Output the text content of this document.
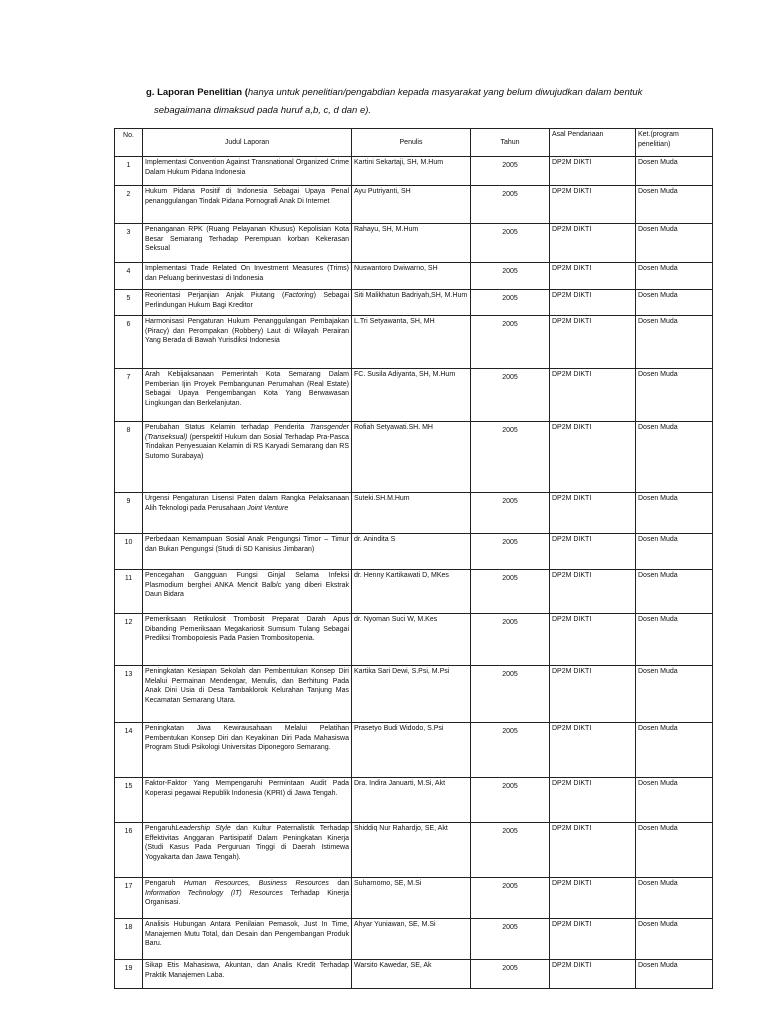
g. Laporan Penelitian (hanya untuk penelitian/pengabdian kepada masyarakat yang belum diwujudkan dalam bentuk
sebagaimana dimaksud pada huruf a,b, c, d dan e).
No.	Judul Laporan	Penulis	Tahun	Asal Pendanaan	Ket.(program penelitian)
1	Implementasi Convention Against Transnational Organized Crime Dalam Hukum Pidana Indonesia	Kartini Sekartaji, SH, M.Hum	2005	DP2M DIKTI	Dosen Muda
2	Hukum Pidana Positif di Indonesia Sebagai Upaya Penal penanggulangan Tindak Pidana Pornografi Anak Di Internet	Ayu Putriyanti, SH	2005	DP2M DIKTI	Dosen Muda
3	Penanganan RPK (Ruang Pelayanan Khusus) Kepolisian Kota Besar Semarang Terhadap Perempuan korban Kekerasan Seksual	Rahayu, SH, M.Hum	2005	DP2M DIKTI	Dosen Muda
4	Implementasi Trade Related On Investment Measures (Trims) dan Peluang berinvestasi di Indonesia	Nuswantoro Dwiwarno, SH	2005	DP2M DIKTI	Dosen Muda
5	Reorientasi Perjanjian Anjak Piutang (Factoring) Sebagai Perlindungan Hukum Bagi Kreditor	Siti Malikhatun Badriyah,SH, M.Hum	2005	DP2M DIKTI	Dosen Muda
6	Harmonisasi Pengaturan Hukum Penanggulangan Pembajakan (Piracy) dan Perompakan (Robbery) Laut di Wilayah Perairan Yang Berada di Bawah Yurisdiksi Indonesia	L.Tri Setyawanta, SH, MH	2005	DP2M DIKTI	Dosen Muda
7	Arah Kebijaksanaan Pemerintah Kota Semarang Dalam Pemberian Ijin Proyek Pembangunan Perumahan (Real Estate) Sebagai Upaya Pengembangan Kota Yang Berwawasan Lingkungan dan Berkelanjutan.	FC. Susila Adiyanta, SH, M.Hum	2005	DP2M DIKTI	Dosen Muda
8	Perubahan Status Kelamin terhadap Penderita Transgender (Transeksual) (perspektif Hukum dan Sosial Terhadap Pra-Pasca Tindakan Penyesuaian Kelamin di RS Karyadi Semarang dan RS Sutomo Surabaya)	Rofiah Setyawati.SH. MH	2005	DP2M DIKTI	Dosen Muda
9	Urgensi Pengaturan Lisensi Paten dalam Rangka Pelaksanaan Alih Teknologi pada Perusahaan Joint Venture	Suteki.SH.M.Hum	2005	DP2M DIKTI	Dosen Muda
10	Perbedaan Kemampuan Sosial Anak Pengungsi Timor – Timur dan Bukan Pengungsi (Studi di SD Kanisius Jimbaran)	dr. Anindita S	2005	DP2M DIKTI	Dosen Muda
11	Pencegahan Gangguan Fungsi Ginjal Selama Infeksi Plasmodium berghei ANKA Mencit Balb/c yang diberi Ekstrak Daun Bidara	dr. Henny Kartikawati D, MKes	2005	DP2M DIKTI	Dosen Muda
12	Pemeriksaan Retikulosit Trombosit Preparat Darah Apus Dibanding Pemeriksaan Megakariosit Sumsum Tulang Sebagai Prediksi Trombopoiesis Pada Pasien Trombositopenia.	dr. Nyoman Suci W, M.Kes	2005	DP2M DIKTI	Dosen Muda
13	Peningkatan Kesiapan Sekolah dan Pembentukan Konsep Diri Melalui Permainan Mendengar, Menulis, dan Berhitung Pada Anak Dini Usia di Desa Tambaklorok Kelurahan Tanjung Mas Kecamatan Semarang Utara.	Kartika Sari Dewi, S.Psi, M.Psi	2005	DP2M DIKTI	Dosen Muda
14	Peningkatan Jiwa Kewirausahaan Melalui Pelatihan Pembentukan Konsep Diri dan Keyakinan Diri Pada Mahasiswa Program Studi Psikologi Universitas Diponegoro Semarang.	Prasetyo Budi Widodo, S.Psi	2005	DP2M DIKTI	Dosen Muda
15	Faktor-Faktor Yang Mempengaruhi Permintaan Audit Pada Koperasi pegawai Republik Indonesia (KPRI) di Jawa Tengah.	Dra. Indira Januarti, M.Si, Akt	2005	DP2M DIKTI	Dosen Muda
16	PengaruhLeadership Style dan Kultur Paternalistik Terhadap Effektivitas Anggaran Partisipatif Dalam Peningkatan Kinerja (Studi Kasus Pada Perguruan Tinggi di Daerah Istimewa Yogyakarta dan Jawa Tengah).	Shiddiq Nur Rahardjo, SE, Akt	2005	DP2M DIKTI	Dosen Muda
17	Pengaruh Human Resources, Business Resources dan Information Technology (IT) Resources Terhadap Kinerja Organisasi.	Suharnomo, SE, M.Si	2005	DP2M DIKTI	Dosen Muda
18	Analisis Hubungan Antara Penilaian Pemasok, Just In Time, Manajemen Mutu Total, dan Desain dan Pengembangan Produk Baru.	Ahyar Yuniawan, SE, M.Si	2005	DP2M DIKTI	Dosen Muda
19	Sikap Etis Mahasiswa, Akuntan, dan Analis Kredit Terhadap Praktik Manajemen Laba.	Warsito Kawedar, SE, Ak	2005	DP2M DIKTI	Dosen Muda
